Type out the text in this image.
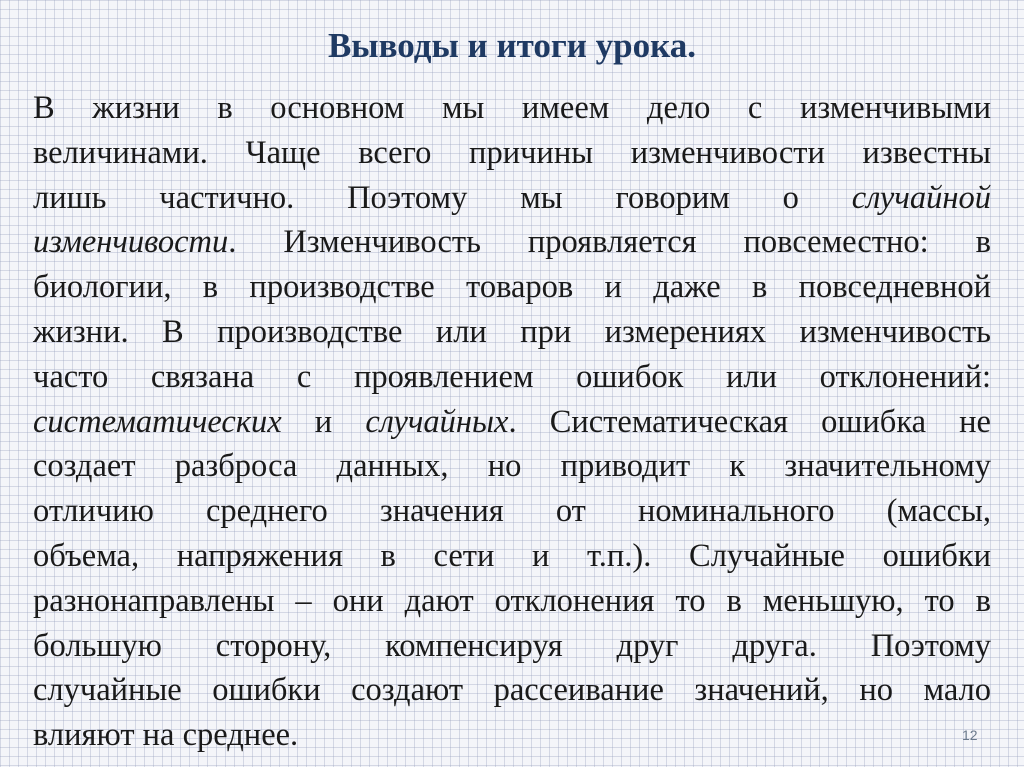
Выводы и итоги урока.
В жизни в основном мы имеем дело с изменчивыми
величинами. Чаще всего причины изменчивости известны
лишь частично. Поэтому мы говорим о случайной
изменчивости. Изменчивость проявляется повсеместно: в
биологии, в производстве товаров и даже в повседневной
жизни. В производстве или при измерениях изменчивость
часто связана с проявлением ошибок или отклонений:
систематических и случайных. Систематическая ошибка не
создает разброса данных, но приводит к значительному
отличию среднего значения от номинального (массы,
объема, напряжения в сети и т.п.). Случайные ошибки
разнонаправлены – они дают отклонения то в меньшую, то в
большую сторону, компенсируя друг друга. Поэтому
случайные ошибки создают рассеивание значений, но мало
влияют на среднее.	12
